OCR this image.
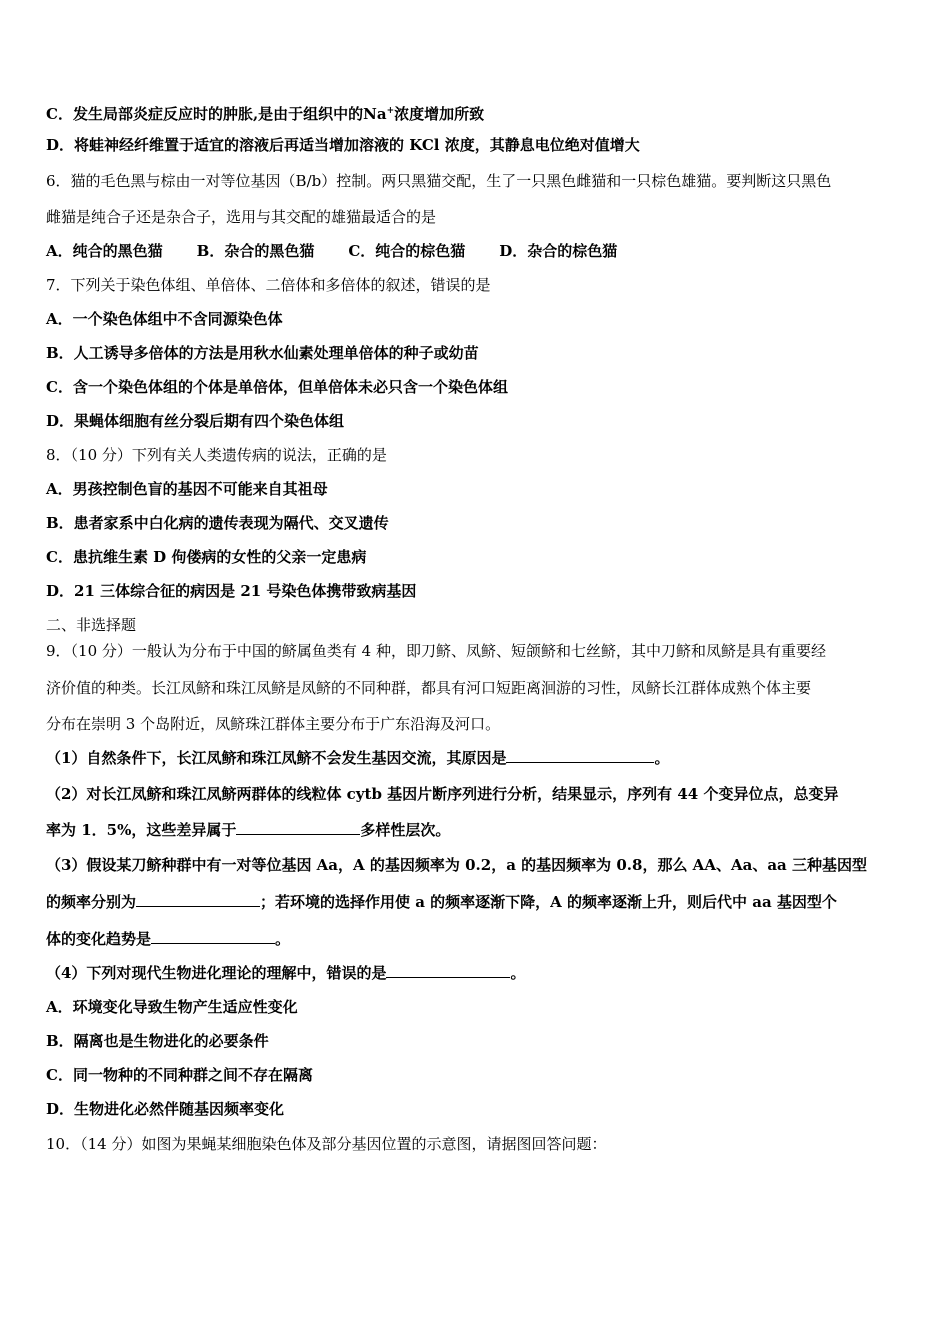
C．发生局部炎症反应时的肿胀,是由于组织中的Na+浓度增加所致
D．将蛙神经纤维置于适宜的溶液后再适当增加溶液的 KCl 浓度，其静息电位绝对值增大
6．猫的毛色黑与棕由一对等位基因（B/b）控制。两只黑猫交配，生了一只黑色雌猫和一只棕色雄猫。要判断这只黑色
雌猫是纯合子还是杂合子，选用与其交配的雄猫最适合的是
A．纯合的黑色猫 B．杂合的黑色猫 C．纯合的棕色猫 D．杂合的棕色猫
7．下列关于染色体组、单倍体、二倍体和多倍体的叙述，错误的是
A．一个染色体组中不含同源染色体
B．人工诱导多倍体的方法是用秋水仙素处理单倍体的种子或幼苗
C．含一个染色体组的个体是单倍体，但单倍体未必只含一个染色体组
D．果蝇体细胞有丝分裂后期有四个染色体组
8．（10 分）下列有关人类遗传病的说法，正确的是
A．男孩控制色盲的基因不可能来自其祖母
B．患者家系中白化病的遗传表现为隔代、交叉遗传
C．患抗维生素 D 佝偻病的女性的父亲一定患病
D．21 三体综合征的病因是 21 号染色体携带致病基因
二、非选择题
9．（10 分）一般认为分布于中国的鲚属鱼类有 4 种，即刀鲚、凤鲚、短颌鲚和七丝鲚，其中刀鲚和凤鲚是具有重要经
济价值的种类。长江凤鲚和珠江凤鲚是凤鲚的不同种群，都具有河口短距离洄游的习性，凤鲚长江群体成熟个体主要
分布在崇明 3 个岛附近，凤鲚珠江群体主要分布于广东沿海及河口。
（1）自然条件下，长江凤鲚和珠江凤鲚不会发生基因交流，其原因是	。
（2）对长江凤鲚和珠江凤鲚两群体的线粒体 cytb 基因片断序列进行分析，结果显示，序列有 44 个变异位点，总变异
率为 1．5%，这些差异属于	多样性层次。
（3）假设某刀鲚种群中有一对等位基因 Aa，A 的基因频率为 0.2，a 的基因频率为 0.8，那么 AA、Aa、aa 三种基因型
的频率分别为	；若环境的选择作用使 a 的频率逐渐下降，A 的频率逐渐上升，则后代中 aa 基因型个
体的变化趋势是	。
（4）下列对现代生物进化理论的理解中，错误的是	。
A．环境变化导致生物产生适应性变化
B．隔离也是生物进化的必要条件
C．同一物种的不同种群之间不存在隔离
D．生物进化必然伴随基因频率变化
10．（14 分）如图为果蝇某细胞染色体及部分基因位置的示意图，请据图回答问题：
